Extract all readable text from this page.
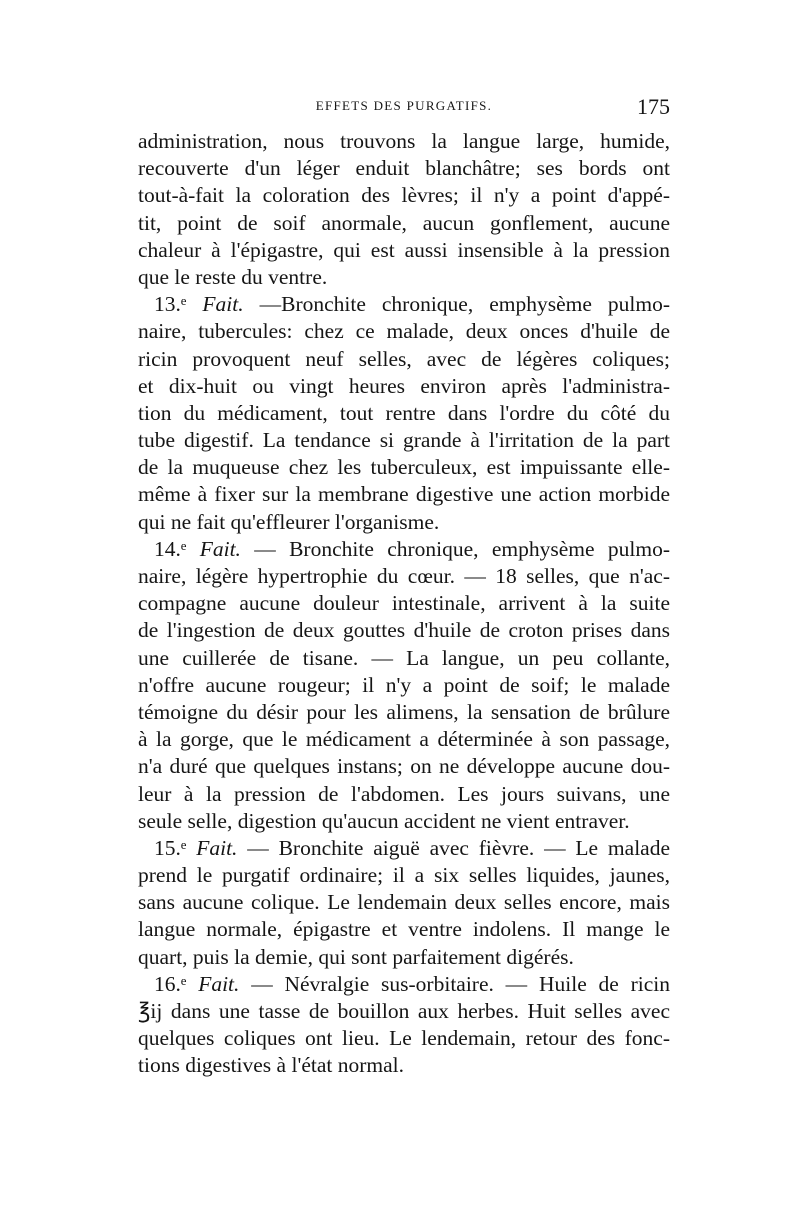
EFFETS DES PURGATIFS.	175
administration, nous trouvons la langue large, humide,
recouverte d'un léger enduit blanchâtre; ses bords ont
tout-à-fait la coloration des lèvres; il n'y a point d'appé-
tit, point de soif anormale, aucun gonflement, aucune
chaleur à l'épigastre, qui est aussi insensible à la pression
que le reste du ventre.
13.ᵉ Fait. —Bronchite chronique, emphysème pulmo-
naire, tubercules: chez ce malade, deux onces d'huile de
ricin provoquent neuf selles, avec de légères coliques;
et dix-huit ou vingt heures environ après l'administra-
tion du médicament, tout rentre dans l'ordre du côté du
tube digestif. La tendance si grande à l'irritation de la part
de la muqueuse chez les tuberculeux, est impuissante elle-
même à fixer sur la membrane digestive une action morbide
qui ne fait qu'effleurer l'organisme.
14.ᵉ Fait. — Bronchite chronique, emphysème pulmo-
naire, légère hypertrophie du cœur. — 18 selles, que n'ac-
compagne aucune douleur intestinale, arrivent à la suite
de l'ingestion de deux gouttes d'huile de croton prises dans
une cuillerée de tisane. — La langue, un peu collante,
n'offre aucune rougeur; il n'y a point de soif; le malade
témoigne du désir pour les alimens, la sensation de brûlure
à la gorge, que le médicament a déterminée à son passage,
n'a duré que quelques instans; on ne développe aucune dou-
leur à la pression de l'abdomen. Les jours suivans, une
seule selle, digestion qu'aucun accident ne vient entraver.
15.ᵉ Fait. — Bronchite aiguë avec fièvre. — Le malade
prend le purgatif ordinaire; il a six selles liquides, jaunes,
sans aucune colique. Le lendemain deux selles encore, mais
langue normale, épigastre et ventre indolens. Il mange le
quart, puis la demie, qui sont parfaitement digérés.
16.ᵉ Fait. — Névralgie sus-orbitaire. — Huile de ricin
℥ij dans une tasse de bouillon aux herbes. Huit selles avec
quelques coliques ont lieu. Le lendemain, retour des fonc-
tions digestives à l'état normal.
